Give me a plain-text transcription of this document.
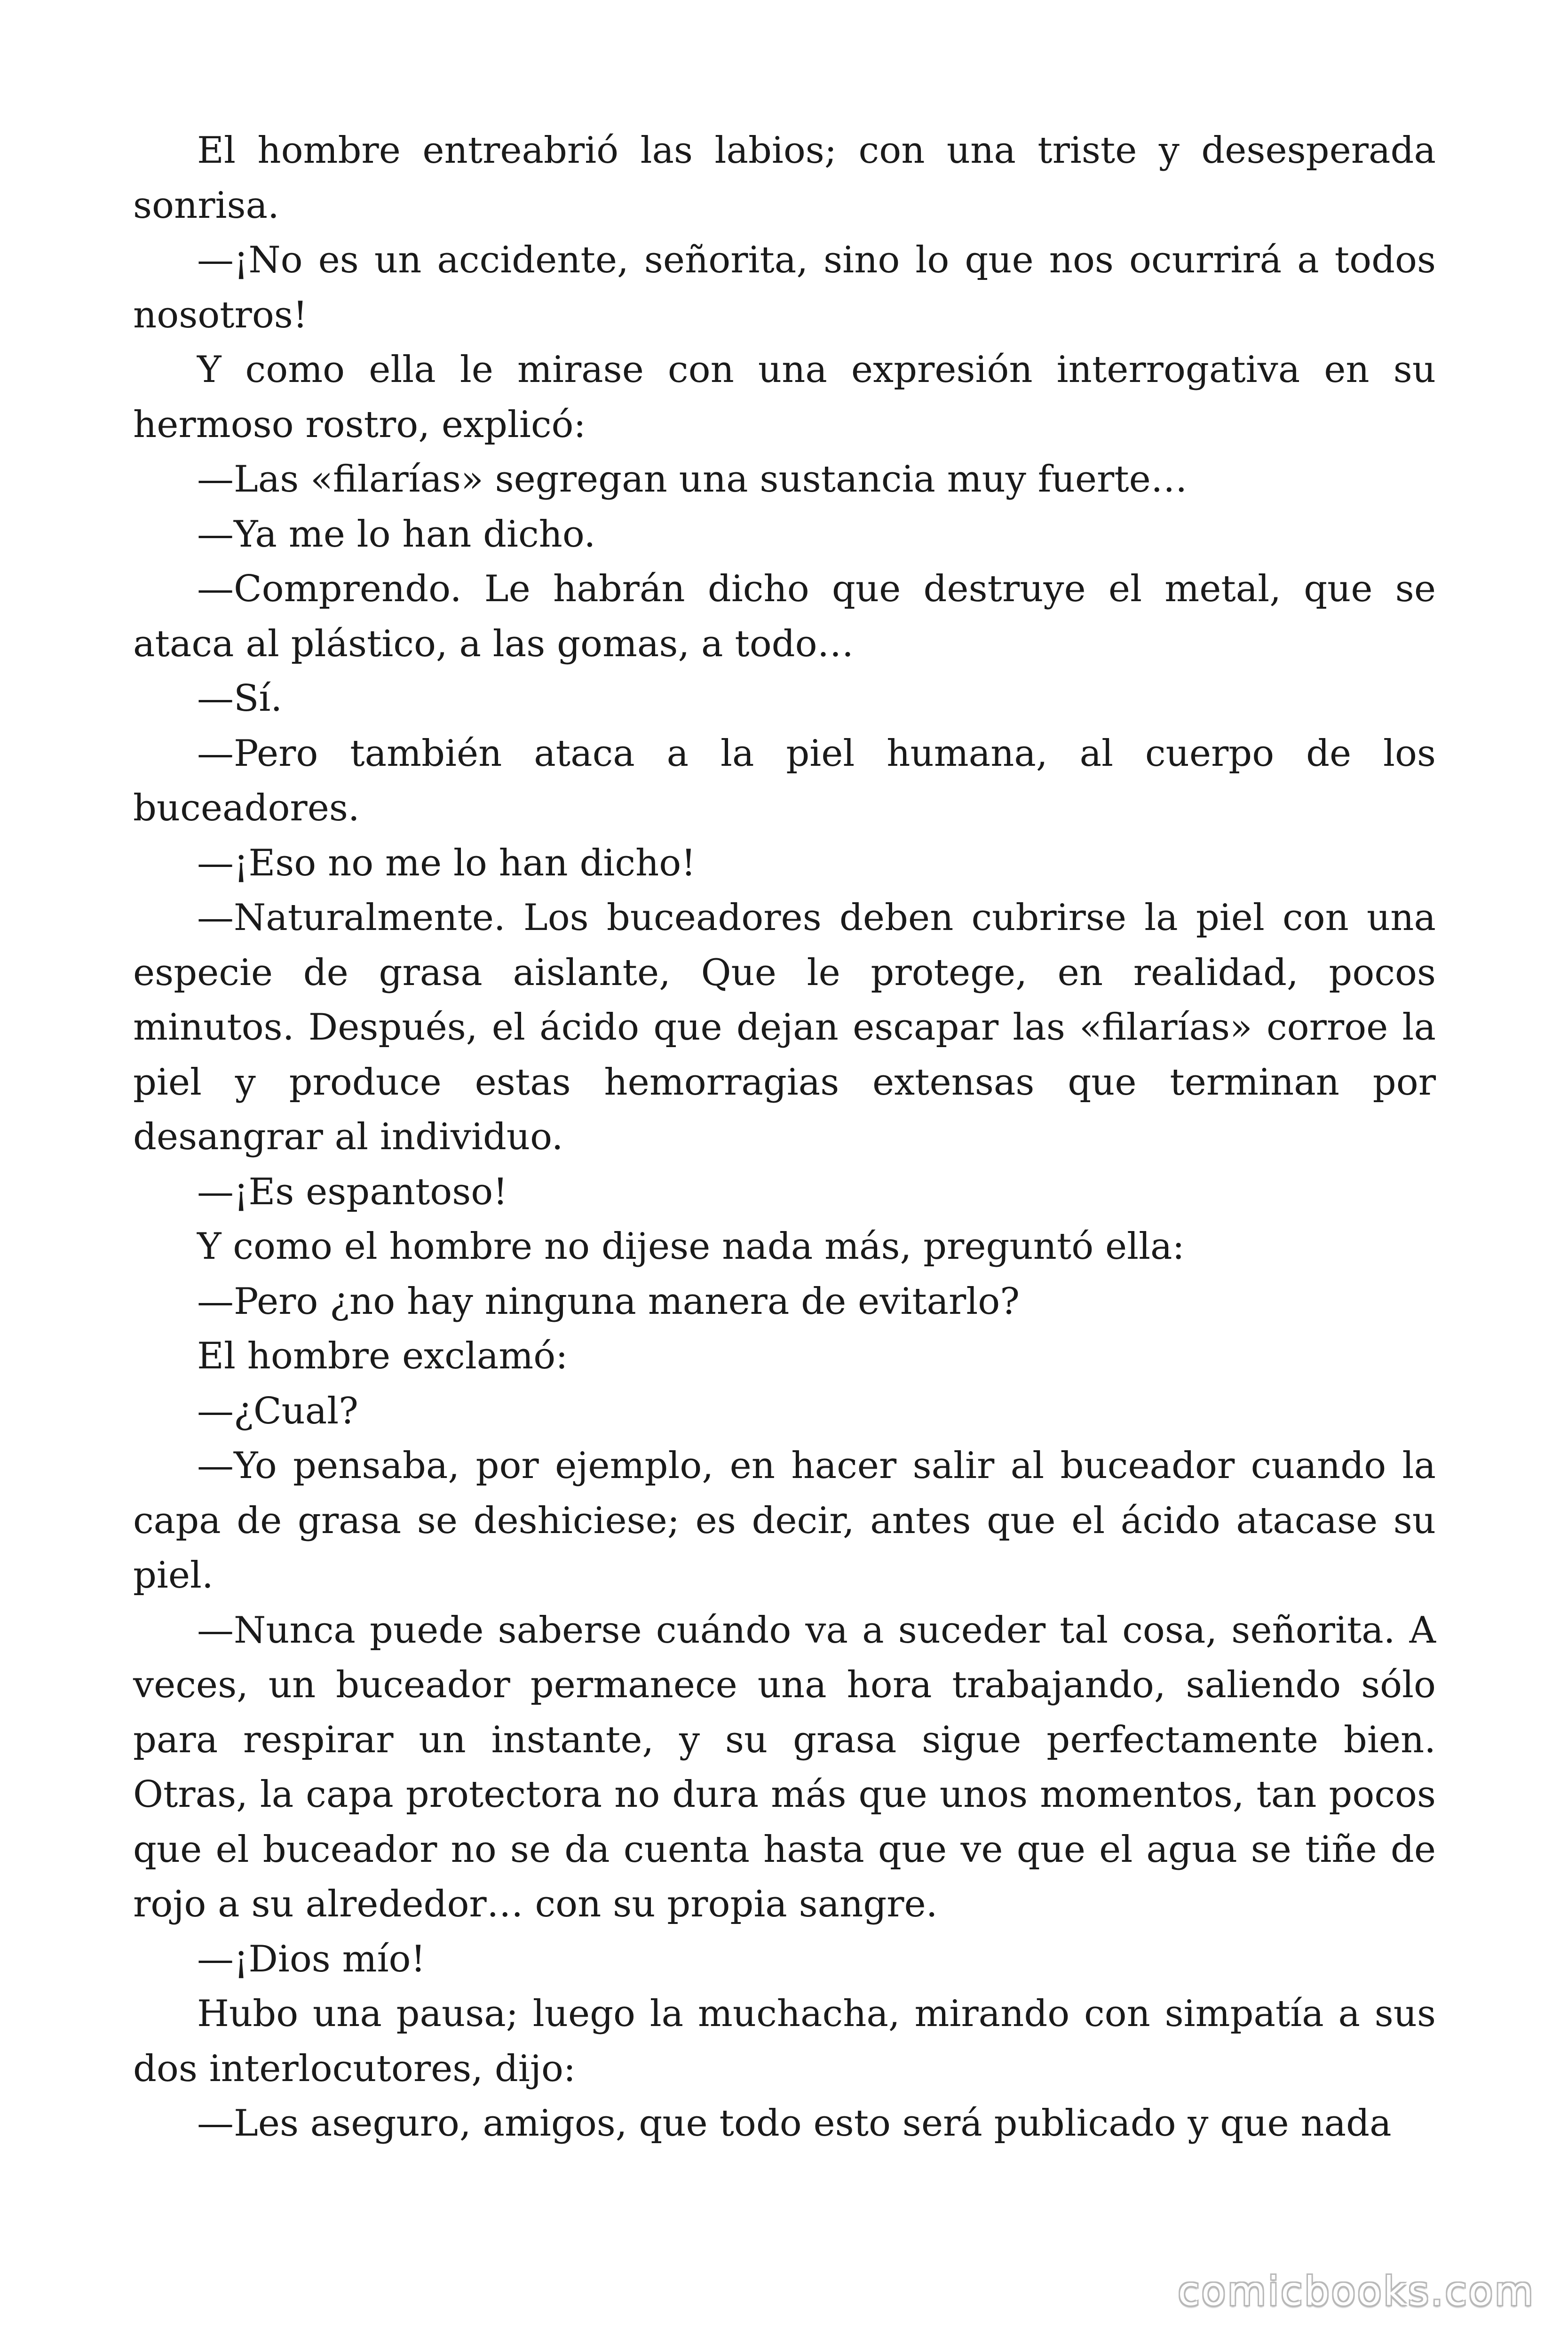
El hombre entreabrió las labios; con una triste y desesperada sonrisa.

—¡No es un accidente, señorita, sino lo que nos ocurrirá a todos nosotros!

Y como ella le mirase con una expresión interrogativa en su hermoso rostro, explicó:

—Las «filarías» segregan una sustancia muy fuerte…

—Ya me lo han dicho.

—Comprendo. Le habrán dicho que destruye el metal, que se ataca al plástico, a las gomas, a todo…

—Sí.

—Pero también ataca a la piel humana, al cuerpo de los buceadores.

—¡Eso no me lo han dicho!

—Naturalmente. Los buceadores deben cubrirse la piel con una especie de grasa aislante, Que le protege, en realidad, pocos minutos. Después, el ácido que dejan escapar las «filarías» corroe la piel y produce estas hemorragias extensas que terminan por desangrar al individuo.

—¡Es espantoso!

Y como el hombre no dijese nada más, preguntó ella:

—Pero ¿no hay ninguna manera de evitarlo?

El hombre exclamó:

—¿Cual?

—Yo pensaba, por ejemplo, en hacer salir al buceador cuando la capa de grasa se deshiciese; es decir, antes que el ácido atacase su piel.

—Nunca puede saberse cuándo va a suceder tal cosa, señorita. A veces, un buceador permanece una hora trabajando, saliendo sólo para respirar un instante, y su grasa sigue perfectamente bien. Otras, la capa protectora no dura más que unos momentos, tan pocos que el buceador no se da cuenta hasta que ve que el agua se tiñe de rojo a su alrededor… con su propia sangre.

—¡Dios mío!

Hubo una pausa; luego la muchacha, mirando con simpatía a sus dos interlocutores, dijo:

—Les aseguro, amigos, que todo esto será publicado y que nada

comicbooks.com
